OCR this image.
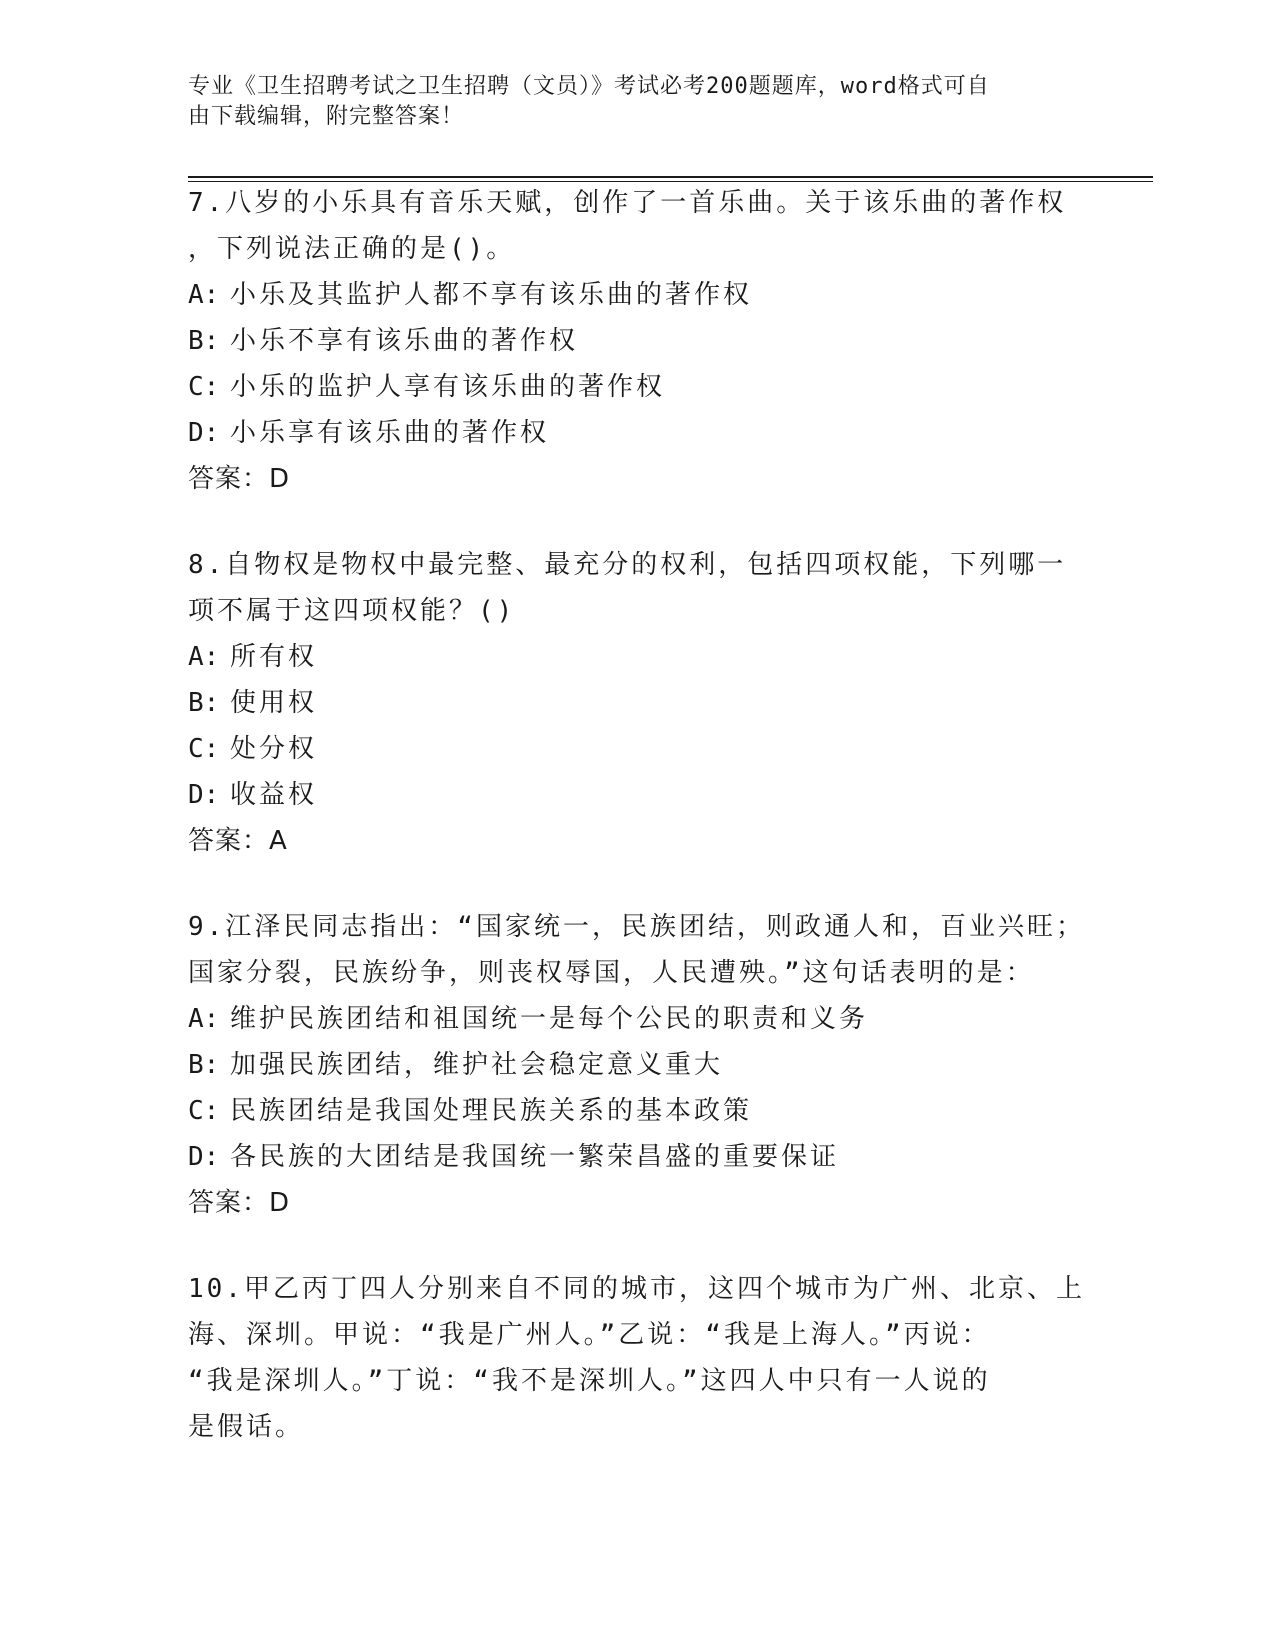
专业《卫生招聘考试之卫生招聘（文员）》考试必考200题题库，word格式可自
由下载编辑，附完整答案！

7.八岁的小乐具有音乐天赋，创作了一首乐曲。关于该乐曲的著作权

，下列说法正确的是()。

A: 小乐及其监护人都不享有该乐曲的著作权

B: 小乐不享有该乐曲的著作权

C: 小乐的监护人享有该乐曲的著作权

D: 小乐享有该乐曲的著作权

答案：D

8.自物权是物权中最完整、最充分的权利，包括四项权能，下列哪一

项不属于这四项权能？()

A: 所有权

B: 使用权

C: 处分权

D: 收益权

答案：A

9.江泽民同志指出：“国家统一，民族团结，则政通人和，百业兴旺；

国家分裂，民族纷争，则丧权辱国，人民遭殃。”这句话表明的是：

A: 维护民族团结和祖国统一是每个公民的职责和义务

B: 加强民族团结，维护社会稳定意义重大

C: 民族团结是我国处理民族关系的基本政策

D: 各民族的大团结是我国统一繁荣昌盛的重要保证

答案：D

10.甲乙丙丁四人分别来自不同的城市，这四个城市为广州、北京、上

海、深圳。甲说：“我是广州人。”乙说：“我是上海人。”丙说：

“我是深圳人。”丁说：“我不是深圳人。”这四人中只有一人说的

是假话。
